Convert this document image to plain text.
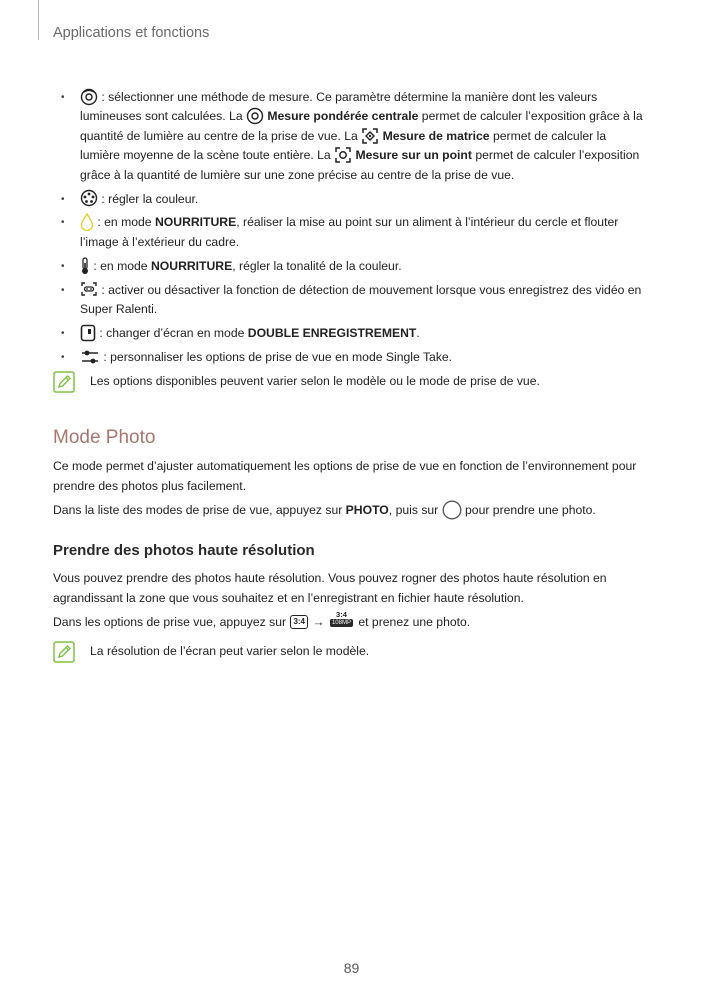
Applications et fonctions
• : sélectionner une méthode de mesure. Ce paramètre détermine la manière dont les valeurs lumineuses sont calculées. La
Mesure pondérée centrale permet de calculer l’exposition grâce à la quantité de lumière au centre de la prise de vue. La
Mesure de matrice permet de calculer la lumière moyenne de la scène toute entière. La
Mesure sur un point permet de calculer l’exposition grâce à la quantité de lumière sur une zone précise au centre de la prise de vue.
• : régler la couleur.
• : en mode NOURRITURE, réaliser la mise au point sur un aliment à l’intérieur du cercle et flouter l’image à l’extérieur du cadre.
• : en mode NOURRITURE, régler la tonalité de la couleur.
• : activer ou désactiver la fonction de détection de mouvement lorsque vous enregistrez des vidéo en Super Ralenti.
• : changer d’écran en mode DOUBLE ENREGISTREMENT.
• : personnaliser les options de prise de vue en mode Single Take.
Les options disponibles peuvent varier selon le modèle ou le mode de prise de vue.
Mode Photo

Ce mode permet d’ajuster automatiquement les options de prise de vue en fonction de l’environnement pour prendre des photos plus facilement.

Dans la liste des modes de prise de vue, appuyez sur PHOTO, puis sur
pour prendre une photo.

Prendre des photos haute résolution

Vous pouvez prendre des photos haute résolution. Vous pouvez rogner des photos haute résolution en agrandissant la zone que vous souhaitez et en l’enregistrant en fichier haute résolution.

Dans les options de prise vue, appuyez sur 3:4 →
3:4
108MP et prenez une photo.

La résolution de l’écran peut varier selon le modèle.
89
